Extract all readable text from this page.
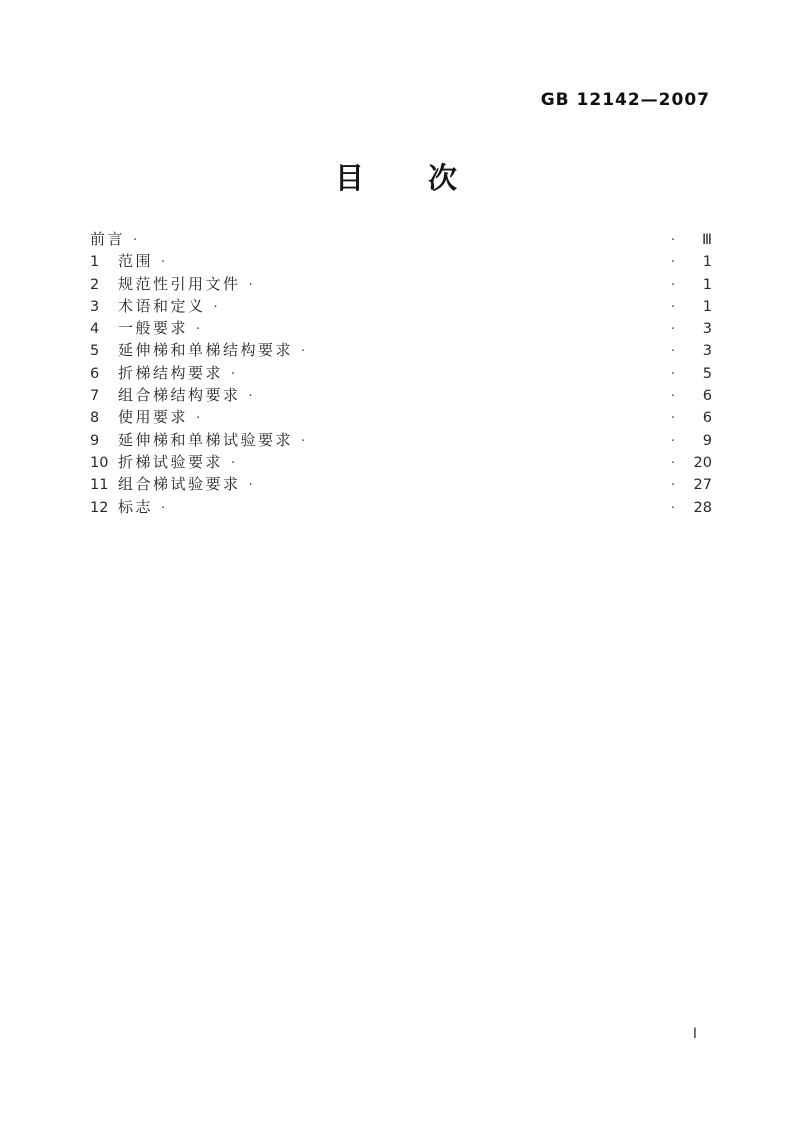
GB 12142—2007
目　　次
前言 ·	·	Ⅲ
1	范围 ·	·	1
2	规范性引用文件 ·	·	1
3	术语和定义 ·	·	1
4	一般要求 ·	·	3
5	延伸梯和单梯结构要求 ·	·	3
6	折梯结构要求 ·	·	5
7	组合梯结构要求 ·	·	6
8	使用要求 ·	·	6
9	延伸梯和单梯试验要求 ·	·	9
10 折梯试验要求 ·	·	20
11 组合梯试验要求 ·	·	27
12 标志 ·	·	28
I
